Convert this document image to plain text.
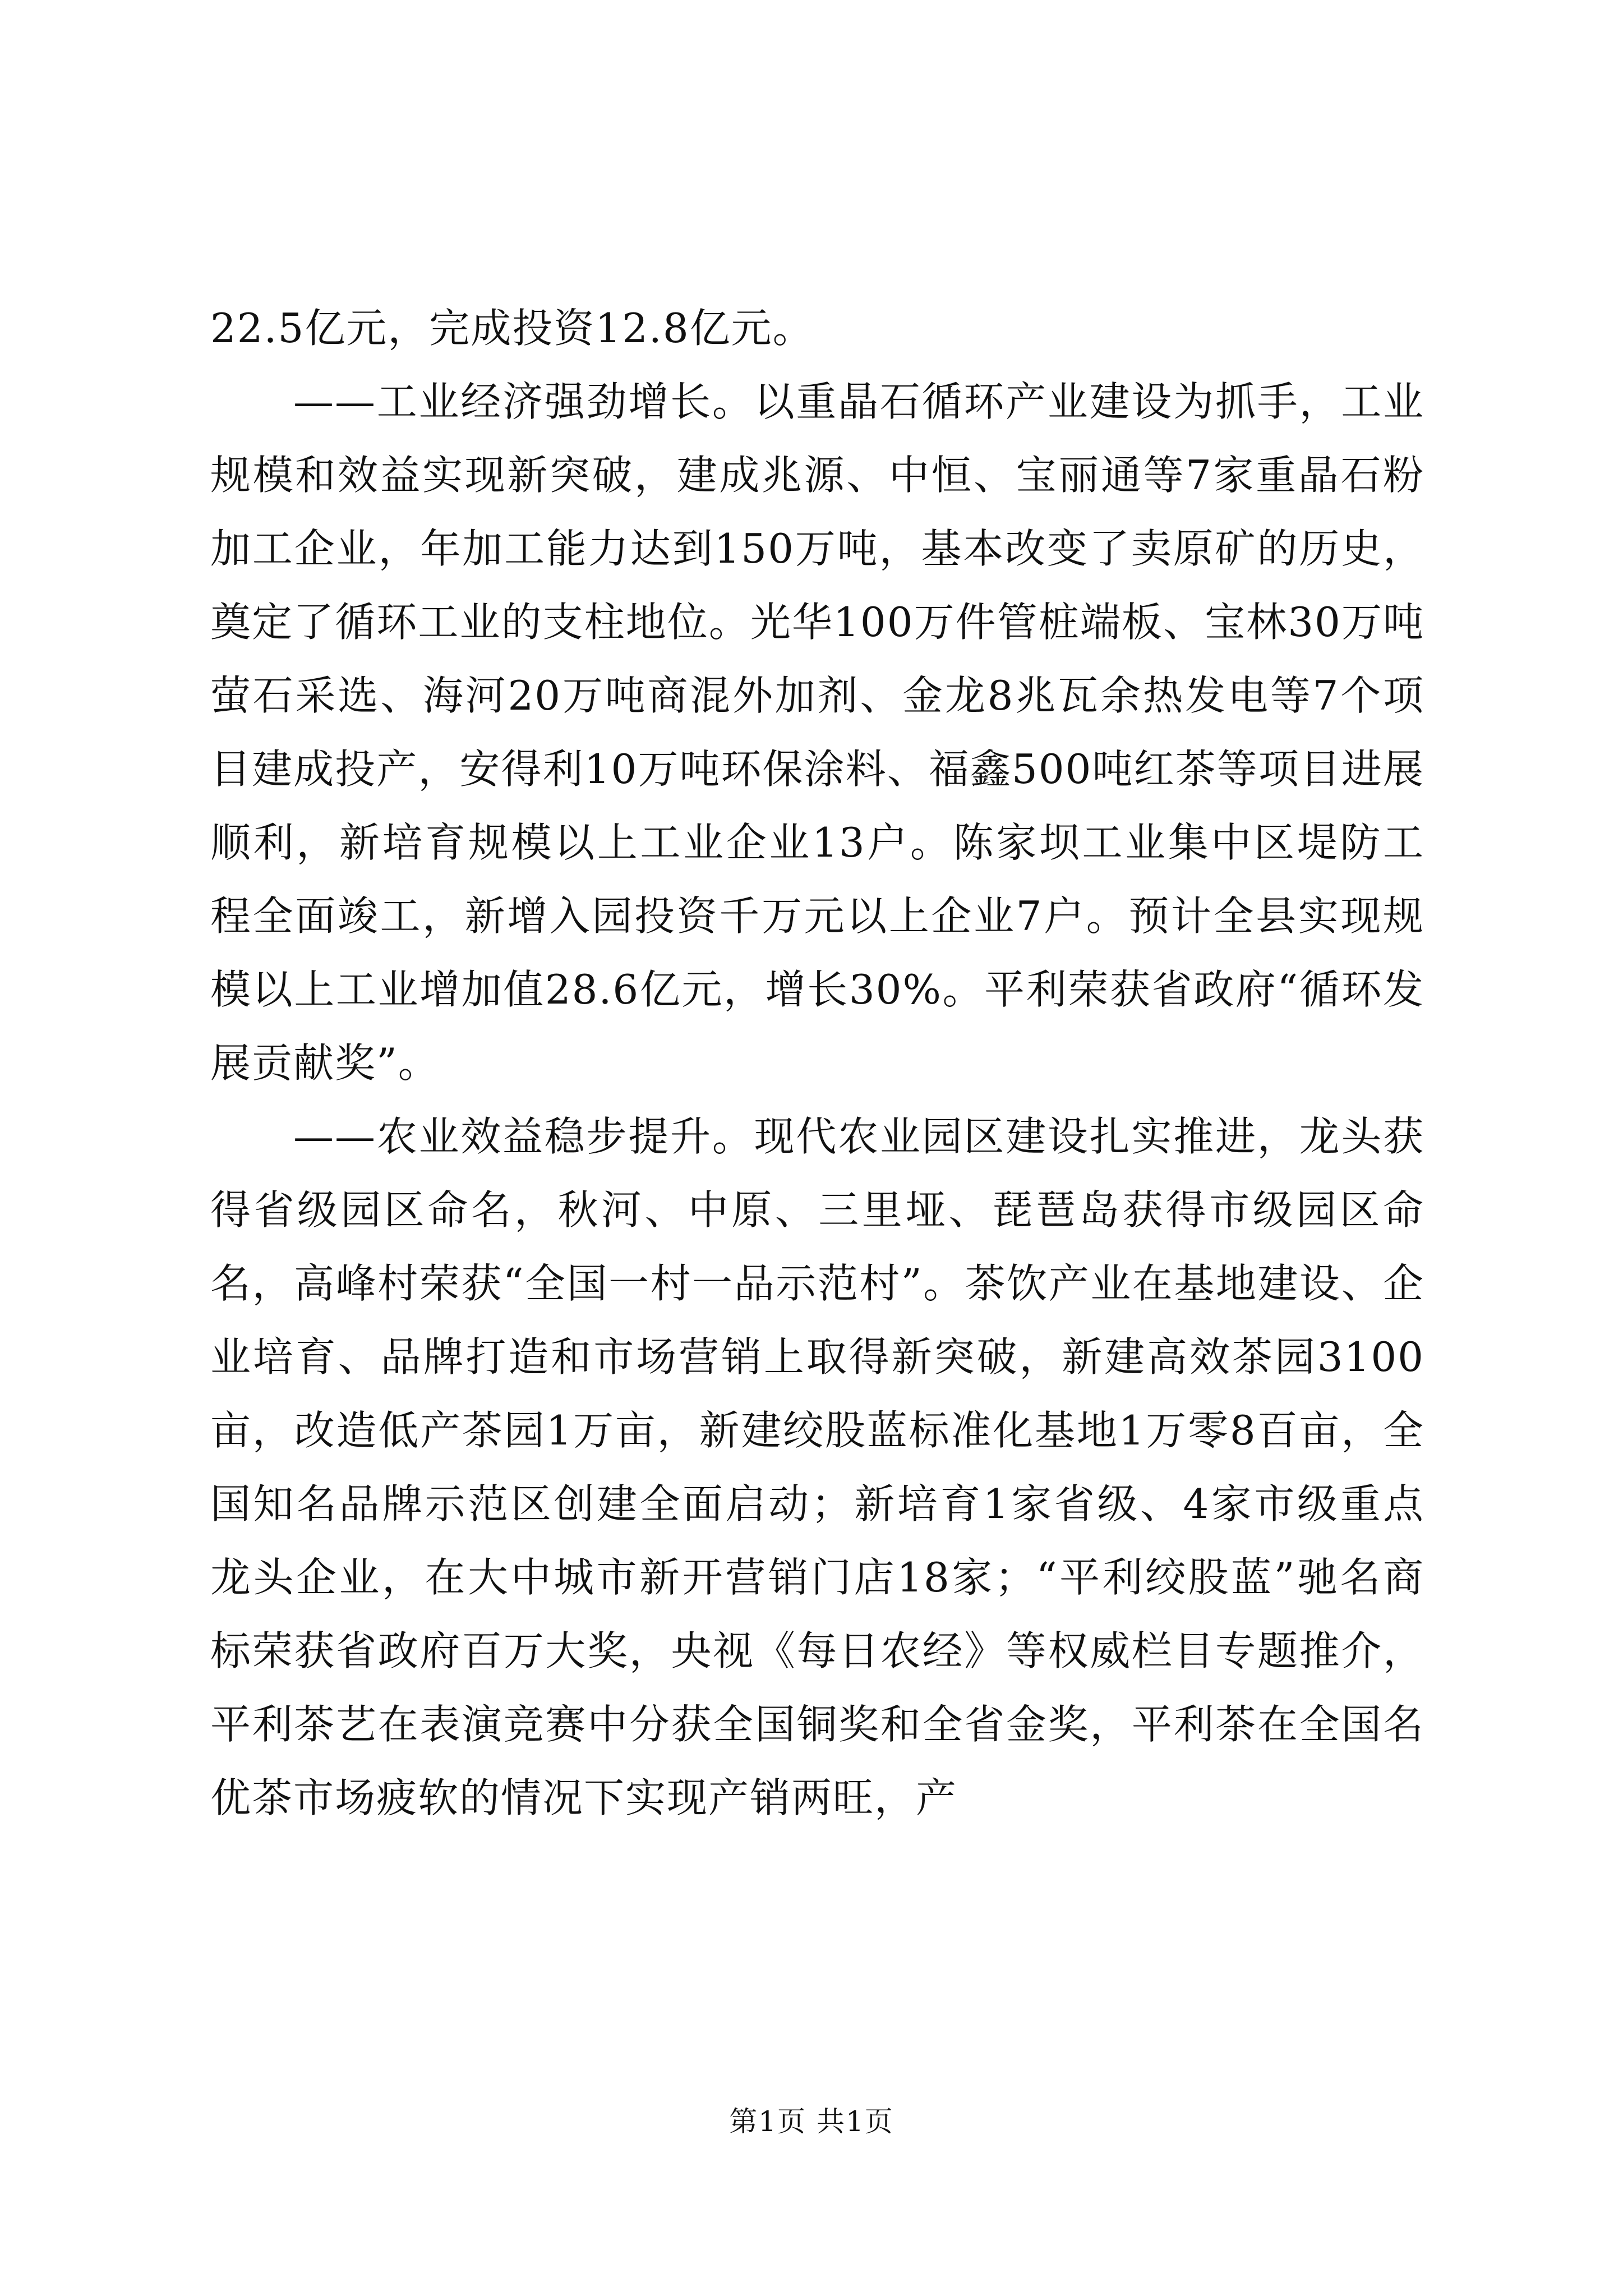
22.5亿元，完成投资12.8亿元。

——工业经济强劲增长。以重晶石循环产业建设为抓手，工业规模和效益实现新突破，建成兆源、中恒、宝丽通等7家重晶石粉加工企业，年加工能力达到150万吨，基本改变了卖原矿的历史，奠定了循环工业的支柱地位。光华100万件管桩端板、宝林30万吨萤石采选、海河20万吨商混外加剂、金龙8兆瓦余热发电等7个项目建成投产，安得利10万吨环保涂料、福鑫500吨红茶等项目进展顺利，新培育规模以上工业企业13户。陈家坝工业集中区堤防工程全面竣工，新增入园投资千万元以上企业7户。预计全县实现规模以上工业增加值28.6亿元，增长30%。平利荣获省政府“循环发展贡献奖”。

——农业效益稳步提升。现代农业园区建设扎实推进，龙头获得省级园区命名，秋河、中原、三里垭、琵琶岛获得市级园区命名，高峰村荣获“全国一村一品示范村”。茶饮产业在基地建设、企业培育、品牌打造和市场营销上取得新突破，新建高效茶园3100亩，改造低产茶园1万亩，新建绞股蓝标准化基地1万零8百亩，全国知名品牌示范区创建全面启动；新培育1家省级、4家市级重点龙头企业，在大中城市新开营销门店18家；“平利绞股蓝”驰名商标荣获省政府百万大奖，央视《每日农经》等权威栏目专题推介，平利茶艺在表演竞赛中分获全国铜奖和全省金奖，平利茶在全国名优茶市场疲软的情况下实现产销两旺，产

第1页 共1页
